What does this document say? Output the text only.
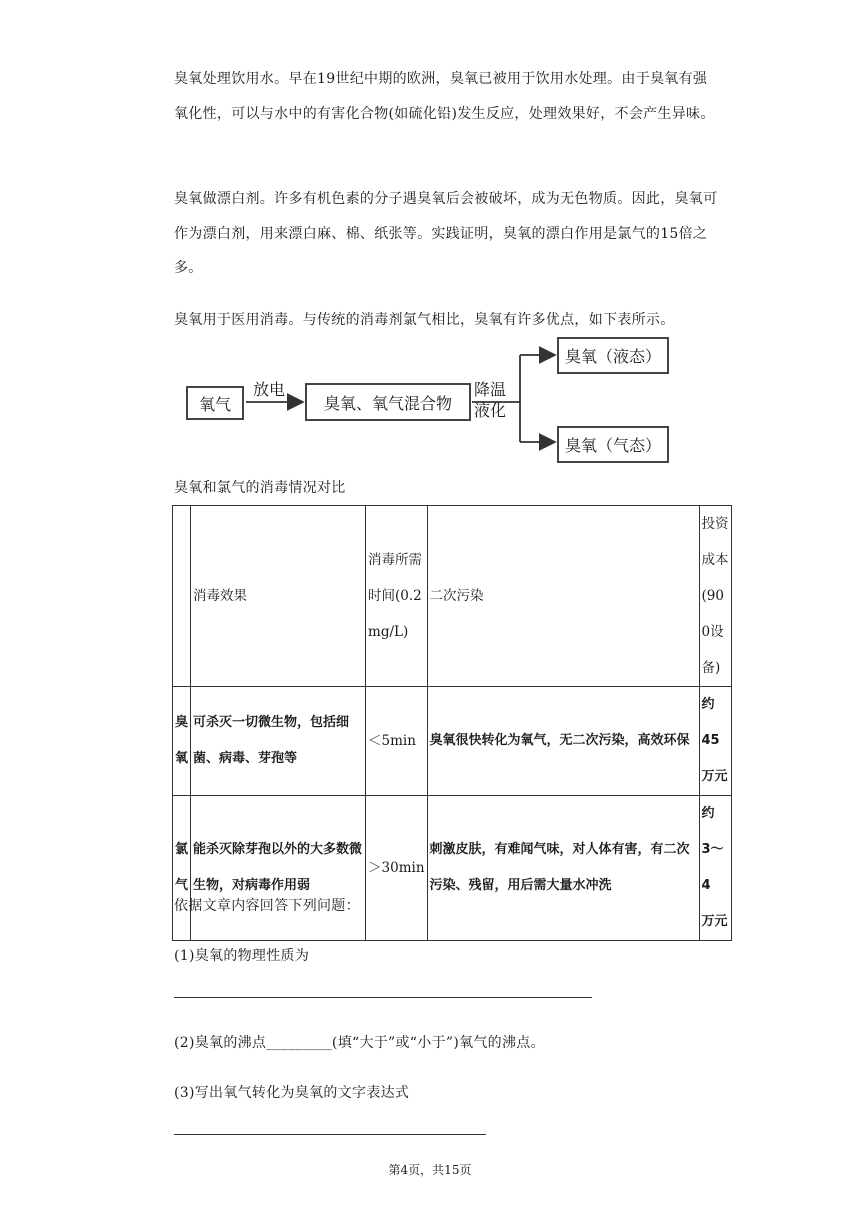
臭氧处理饮用水。早在19世纪中期的欧洲，臭氧已被用于饮用水处理。由于臭氧有强氧化性，可以与水中的有害化合物(如硫化铅)发生反应，处理效果好，不会产生异味。
臭氧做漂白剂。许多有机色素的分子遇臭氧后会被破坏，成为无色物质。因此，臭氧可作为漂白剂，用来漂白麻、棉、纸张等。实践证明，臭氧的漂白作用是氯气的15倍之多。
臭氧用于医用消毒。与传统的消毒剂氯气相比，臭氧有许多优点，如下表所示。
氧气
放电
臭氧、氧气混合物
降温
液化
臭氧（液态）
臭氧（气态）
臭氧和氯气的消毒情况对比
	消毒效果	消毒所需时间(0.2mg/L)	二次污染	投资成本(900设备)
臭氧	可杀灭一切微生物，包括细菌、病毒、芽孢等	＜5min	臭氧很快转化为氧气，无二次污染，高效环保	约
45
万元
氯气	能杀灭除芽孢以外的大多数微生物，对病毒作用弱	＞30min	刺激皮肤，有难闻气味，对人体有害，有二次污染、残留，用后需大量水冲洗	约
3～4
万元
依据文章内容回答下列问题：
(1)臭氧的物理性质为
(2)臭氧的沸点_________(填“大于”或“小于”)氧气的沸点。
(3)写出氧气转化为臭氧的文字表达式
第4页，共15页
